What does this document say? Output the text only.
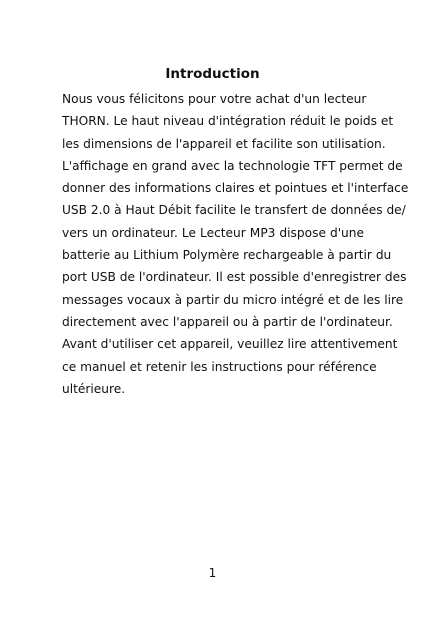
Introduction
Nous vous félicitons pour votre achat d'un lecteur
THORN. Le haut niveau d'intégration réduit le poids et
les dimensions de l'appareil et facilite son utilisation.
L'affichage en grand avec la technologie TFT permet de
donner des informations claires et pointues et l'interface
USB 2.0 à Haut Débit facilite le transfert de données de/
vers un ordinateur. Le Lecteur MP3 dispose d'une
batterie au Lithium Polymère rechargeable à partir du
port USB de l'ordinateur. Il est possible d'enregistrer des
messages vocaux à partir du micro intégré et de les lire
directement avec l'appareil ou à partir de l'ordinateur.
Avant d'utiliser cet appareil, veuillez lire attentivement
ce manuel et retenir les instructions pour référence
ultérieure.
1
